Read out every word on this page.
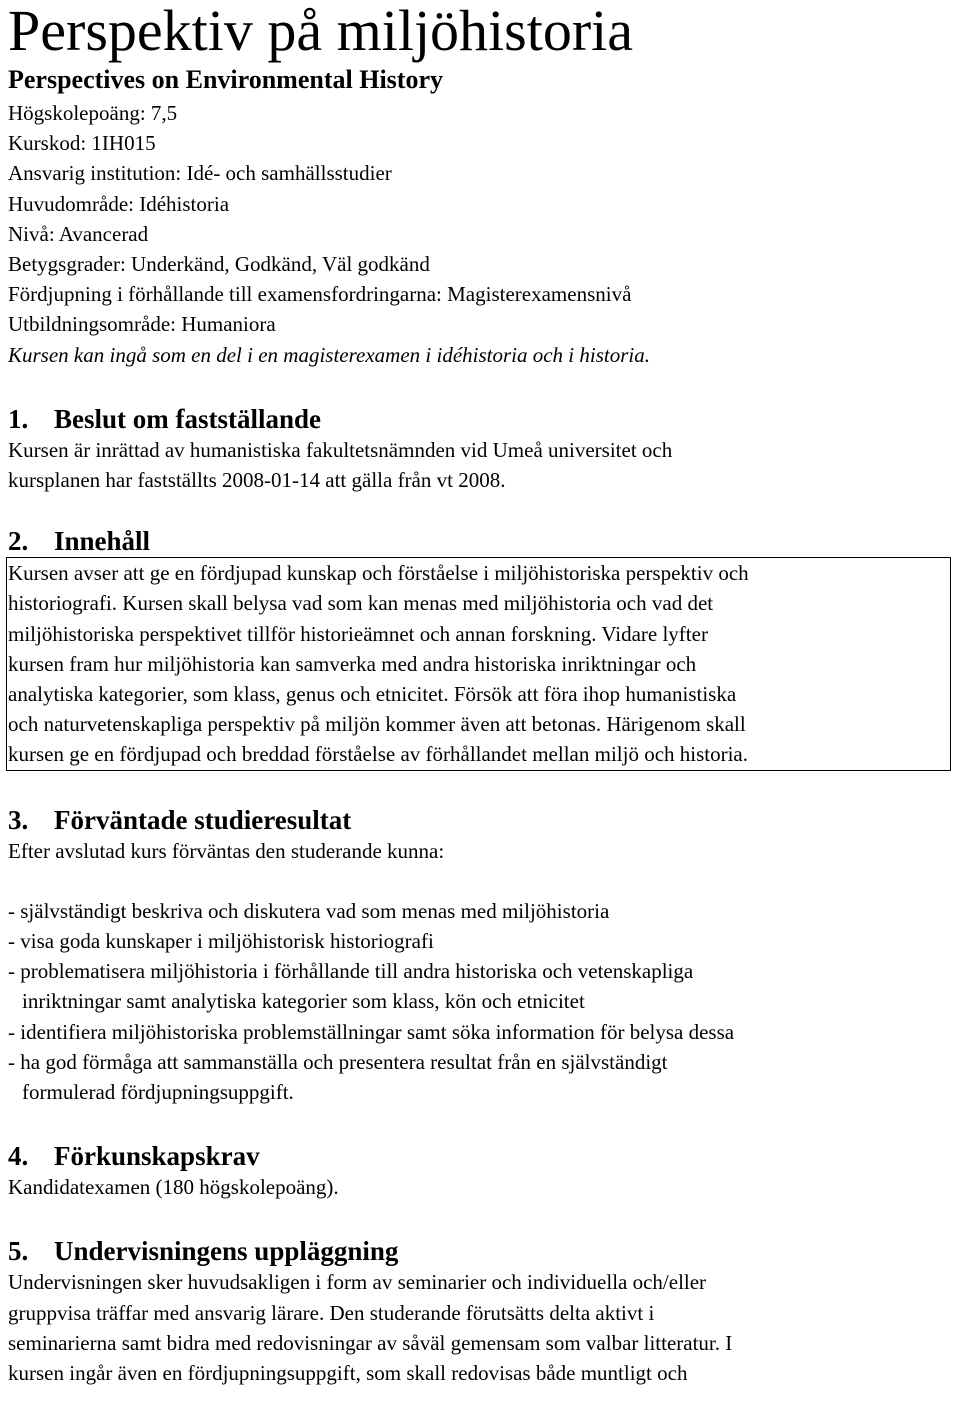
Perspektiv på miljöhistoria
Perspectives on Environmental History
Högskolepoäng: 7,5
Kurskod: 1IH015
Ansvarig institution: Idé- och samhällsstudier
Huvudområde: Idéhistoria
Nivå: Avancerad
Betygsgrader: Underkänd, Godkänd, Väl godkänd
Fördjupning i förhållande till examensfordringarna: Magisterexamensnivå
Utbildningsområde: Humaniora
Kursen kan ingå som en del i en magisterexamen i idéhistoria och i historia.
1. Beslut om fastställande
Kursen är inrättad av humanistiska fakultetsnämnden vid Umeå universitet och
kursplanen har fastställts 2008-01-14 att gälla från vt 2008.
2. Innehåll
Kursen avser att ge en fördjupad kunskap och förståelse i miljöhistoriska perspektiv och
historiografi. Kursen skall belysa vad som kan menas med miljöhistoria och vad det
miljöhistoriska perspektivet tillför historieämnet och annan forskning. Vidare lyfter
kursen fram hur miljöhistoria kan samverka med andra historiska inriktningar och
analytiska kategorier, som klass, genus och etnicitet. Försök att föra ihop humanistiska
och naturvetenskapliga perspektiv på miljön kommer även att betonas. Härigenom skall
kursen ge en fördjupad och breddad förståelse av förhållandet mellan miljö och historia.
3. Förväntade studieresultat
Efter avslutad kurs förväntas den studerande kunna:
- självständigt beskriva och diskutera vad som menas med miljöhistoria
- visa goda kunskaper i miljöhistorisk historiografi
- problematisera miljöhistoria i förhållande till andra historiska och vetenskapliga
inriktningar samt analytiska kategorier som klass, kön och etnicitet
- identifiera miljöhistoriska problemställningar samt söka information för belysa dessa
- ha god förmåga att sammanställa och presentera resultat från en självständigt
formulerad fördjupningsuppgift.
4. Förkunskapskrav
Kandidatexamen (180 högskolepoäng).
5. Undervisningens uppläggning
Undervisningen sker huvudsakligen i form av seminarier och individuella och/eller
gruppvisa träffar med ansvarig lärare. Den studerande förutsätts delta aktivt i
seminarierna samt bidra med redovisningar av såväl gemensam som valbar litteratur. I
kursen ingår även en fördjupningsuppgift, som skall redovisas både muntligt och
